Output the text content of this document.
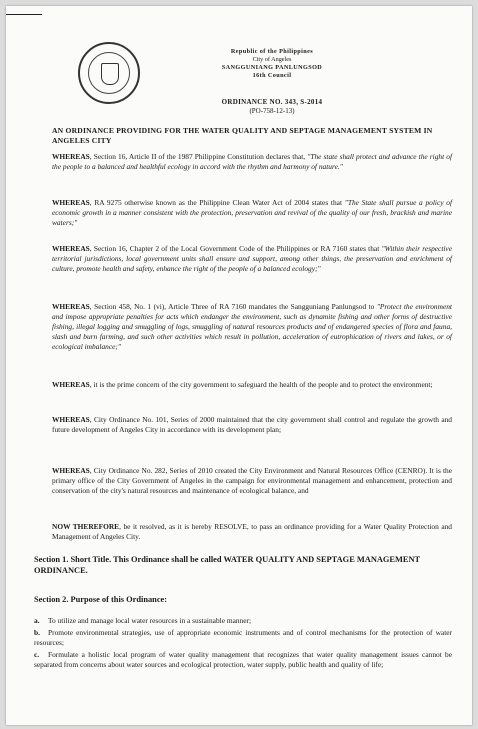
Republic of the Philippines
City of Angeles
SANGGUNIANG PANLUNGSOD
16th Council
ORDINANCE NO. 343, S-2014
(PO-758-12-13)
AN ORDINANCE PROVIDING FOR THE WATER QUALITY AND SEPTAGE MANAGEMENT SYSTEM IN ANGELES CITY
WHEREAS, Section 16, Article II of the 1987 Philippine Constitution declares that, "The state shall protect and advance the right of the people to a balanced and healthful ecology in accord with the rhythm and harmony of nature."
WHEREAS, RA 9275 otherwise known as the Philippine Clean Water Act of 2004 states that "The State shall pursue a policy of economic growth in a manner consistent with the protection, preservation and revival of the quality of our fresh, brackish and marine waters;"
WHEREAS, Section 16, Chapter 2 of the Local Government Code of the Philippines or RA 7160 states that "Within their respective territorial jurisdictions, local government units shall ensure and support, among other things, the preservation and enrichment of culture, promote health and safety, enhance the right of the people of a balanced ecology;"
WHEREAS, Section 458, No. 1 (vi), Article Three of RA 7160 mandates the Sangguniang Panlungsod to "Protect the environment and impose appropriate penalties for acts which endanger the environment, such as dynamite fishing and other forms of destructive fishing, illegal logging and smuggling of logs, smuggling of natural resources products and of endangered species of flora and fauna, slash and burn farming, and such other activities which result in pollution, acceleration of eutrophication of rivers and lakes, or of ecological imbalance;"
WHEREAS, it is the prime concern of the city government to safeguard the health of the people and to protect the environment;
WHEREAS, City Ordinance No. 101, Series of 2000 maintained that the city government shall control and regulate the growth and future development of Angeles City in accordance with its development plan;
WHEREAS, City Ordinance No. 282, Series of 2010 created the City Environment and Natural Resources Office (CENRO). It is the primary office of the City Government of Angeles in the campaign for environmental management and enhancement, protection and conservation of the city's natural resources and maintenance of ecological balance, and
NOW THEREFORE, be it resolved, as it is hereby RESOLVE, to pass an ordinance providing for a Water Quality Protection and Management of Angeles City.
Section 1. Short Title. This Ordinance shall be called WATER QUALITY AND SEPTAGE MANAGEMENT ORDINANCE.
Section 2. Purpose of this Ordinance:
a. To utilize and manage local water resources in a sustainable manner;
b. Promote environmental strategies, use of appropriate economic instruments and of control mechanisms for the protection of water resources;
c. Formulate a holistic local program of water quality management that recognizes that water quality management issues cannot be separated from concerns about water sources and ecological protection, water supply, public health and quality of life;
